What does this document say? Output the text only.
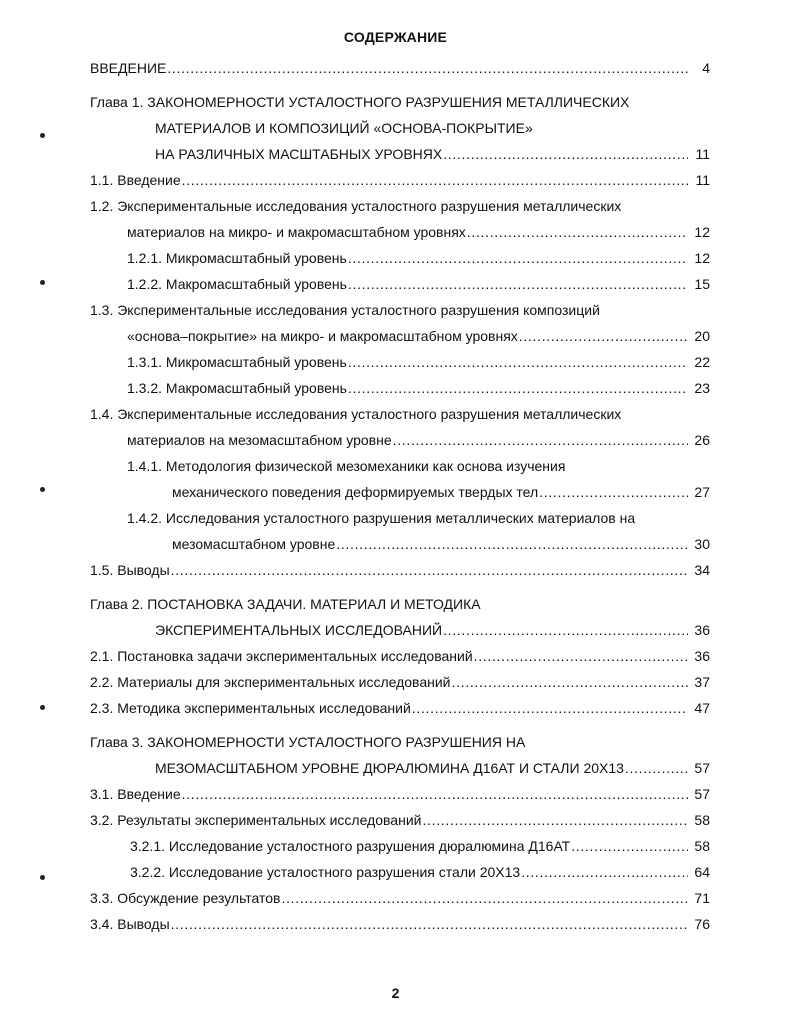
СОДЕРЖАНИЕ
ВВЕДЕНИЕ . . .	4
Глава 1. ЗАКОНОМЕРНОСТИ УСТАЛОСТНОГО РАЗРУШЕНИЯ МЕТАЛЛИЧЕСКИХ
МАТЕРИАЛОВ И КОМПОЗИЦИЙ «ОСНОВА-ПОКРЫТИЕ»
НА РАЗЛИЧНЫХ МАСШТАБНЫХ УРОВНЯХ . . .	11
1.1. Введение . . .	11
1.2. Экспериментальные исследования усталостного разрушения металлических
материалов на микро- и макромасштабном уровнях . . .	12
1.2.1. Микромасштабный уровень . . .	12
1.2.2. Макромасштабный уровень . . .	15
1.3. Экспериментальные исследования усталостного разрушения композиций
«основа–покрытие» на микро- и макромасштабном уровнях . . .	20
1.3.1. Микромасштабный уровень . . .	22
1.3.2. Макромасштабный уровень . . .	23
1.4. Экспериментальные исследования усталостного разрушения металлических
материалов на мезомасштабном уровне . . .	26
1.4.1. Методология физической мезомеханики как основа изучения
механического поведения деформируемых твердых тел . . .	27
1.4.2. Исследования усталостного разрушения металлических материалов на
мезомасштабном уровне . . .	30
1.5. Выводы . . .	34
Глава 2. ПОСТАНОВКА ЗАДАЧИ. МАТЕРИАЛ И МЕТОДИКА
ЭКСПЕРИМЕНТАЛЬНЫХ ИССЛЕДОВАНИЙ . . .	36
2.1. Постановка задачи экспериментальных исследований . . .	36
2.2. Материалы для экспериментальных исследований . . .	37
2.3. Методика экспериментальных исследований . . .	47
Глава 3. ЗАКОНОМЕРНОСТИ УСТАЛОСТНОГО РАЗРУШЕНИЯ НА
МЕЗОМАСШТАБНОМ УРОВНЕ ДЮРАЛЮМИНА Д16АТ И СТАЛИ 20Х13 . . .	57
3.1. Введение . . .	57
3.2. Результаты экспериментальных исследований . . .	58
3.2.1. Исследование усталостного разрушения дюралюмина Д16АТ . . .	58
3.2.2. Исследование усталостного разрушения стали 20Х13 . . .	64
3.3. Обсуждение результатов . . .	71
3.4. Выводы . . .	76
2
